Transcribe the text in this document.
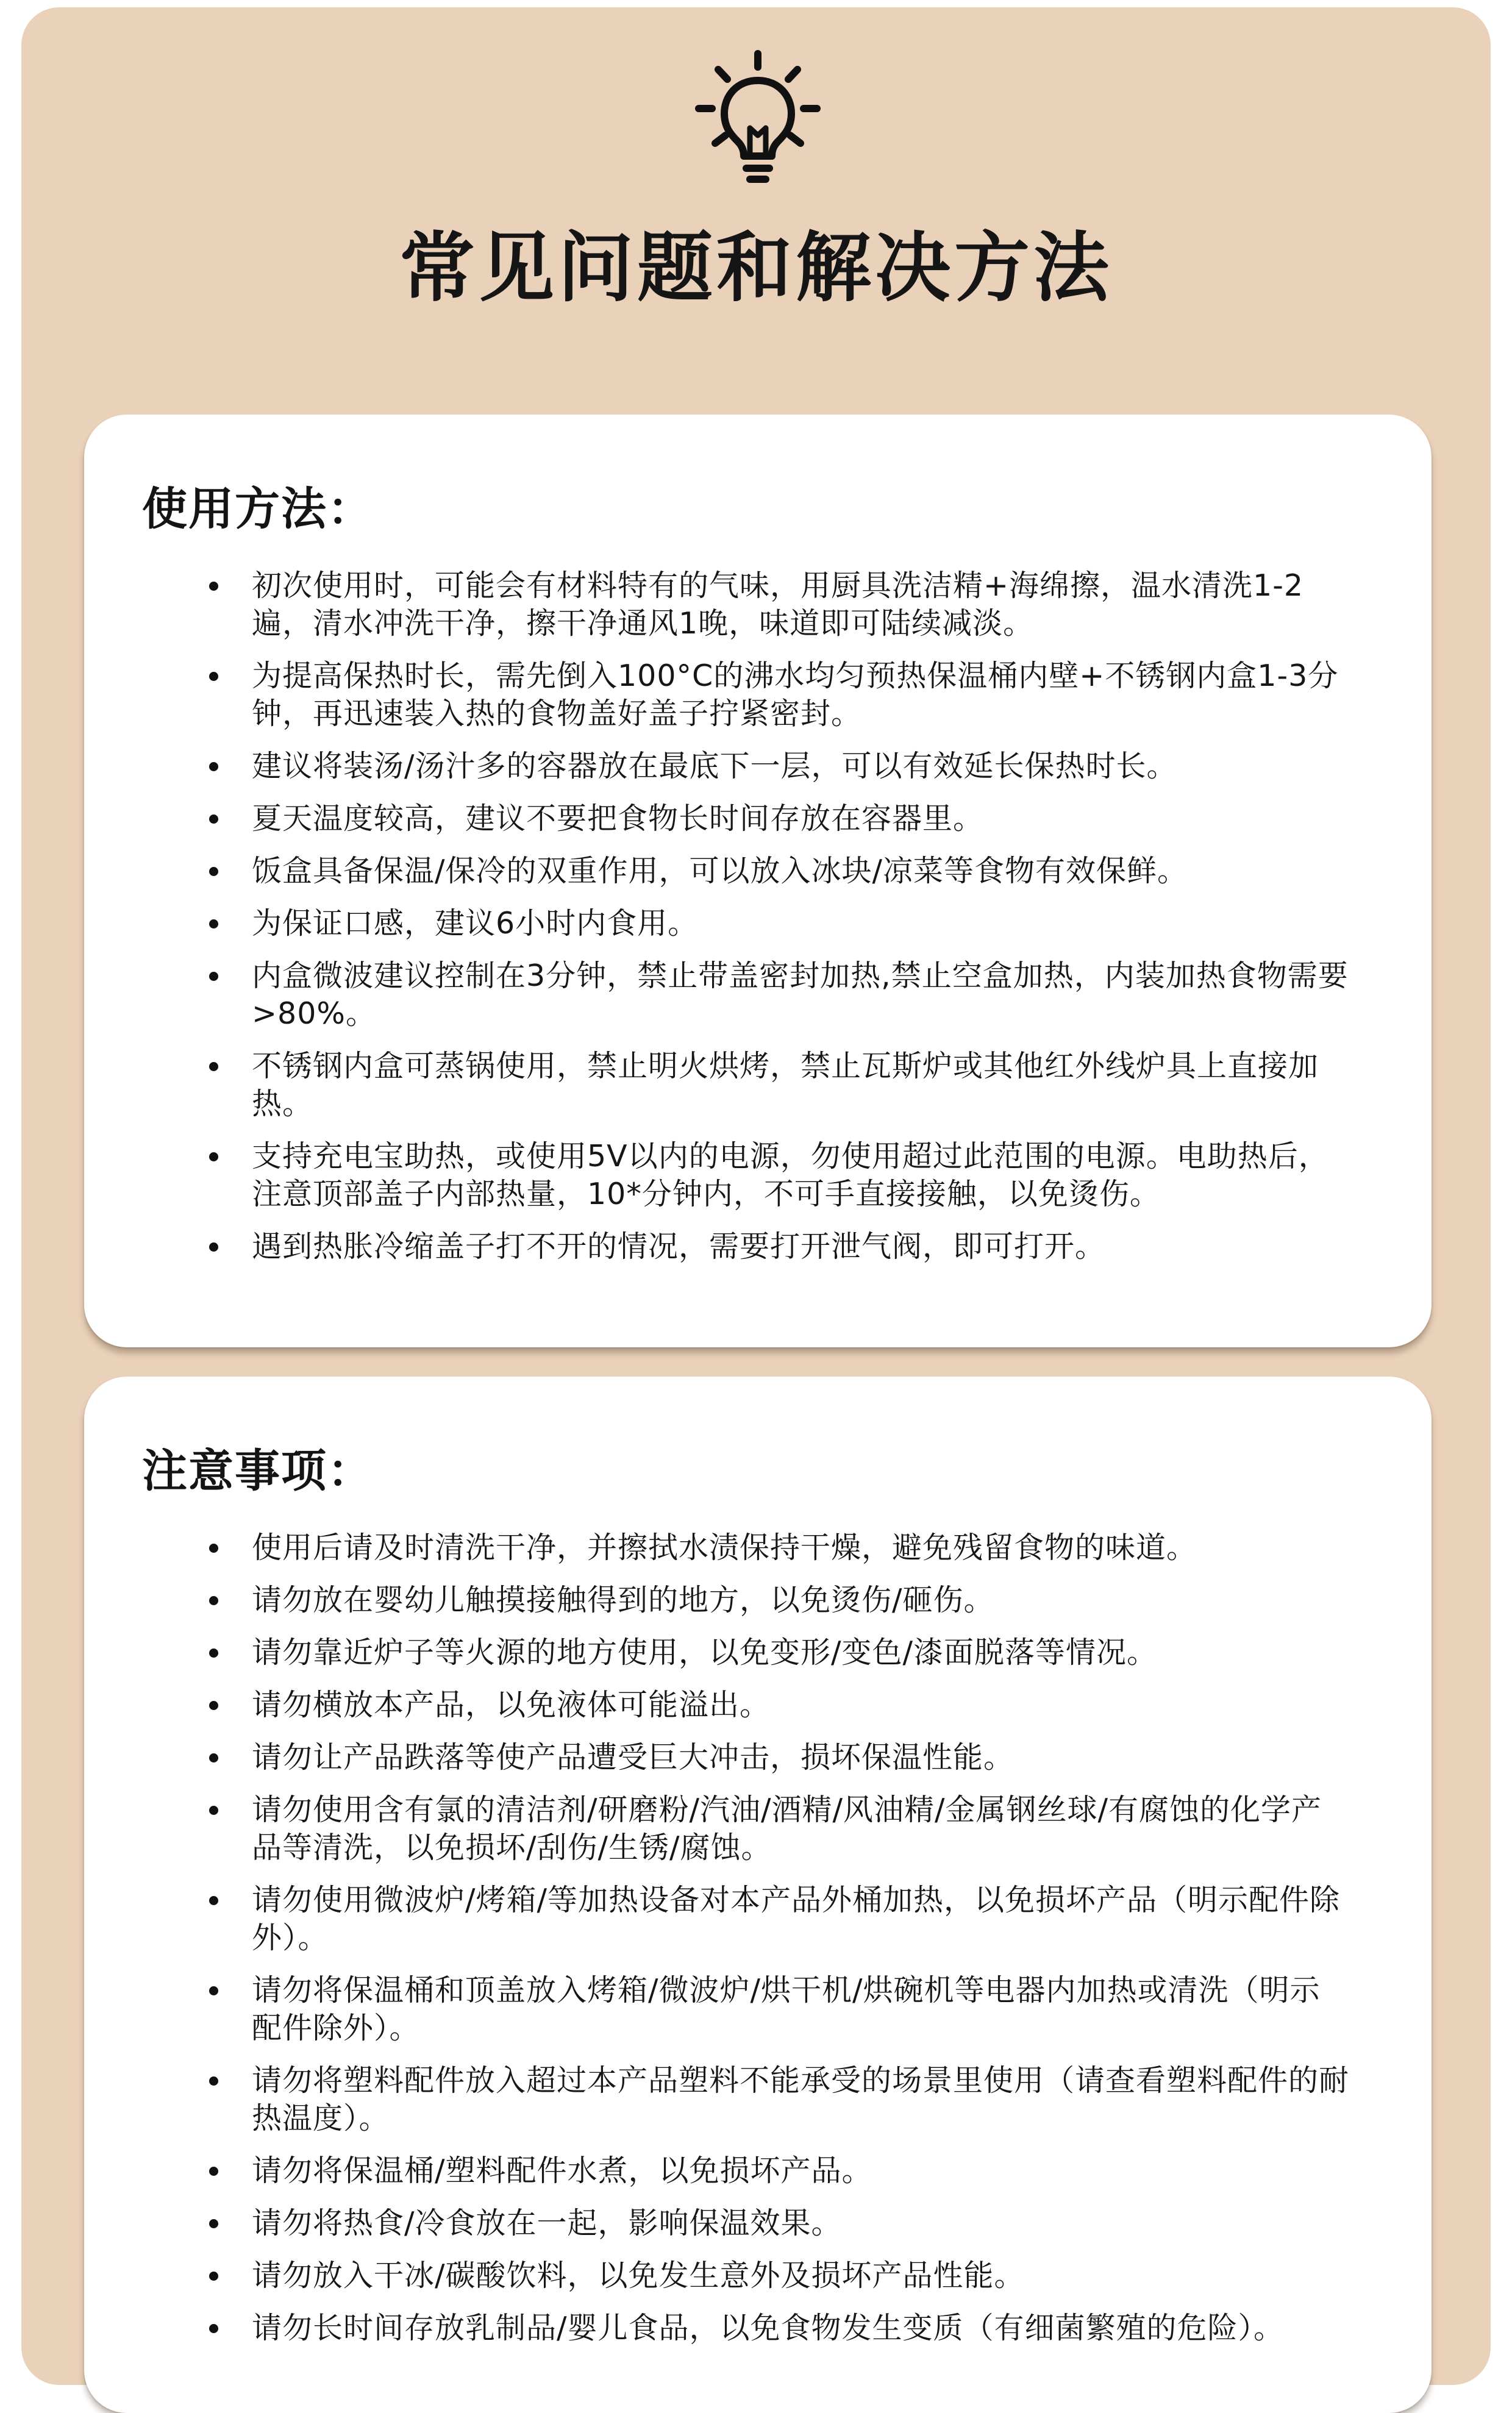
常见问题和解决方法
使用方法：
初次使用时，可能会有材料特有的气味，用厨具洗洁精+海绵擦，温水清洗1-2遍，清水冲洗干净，擦干净通风1晚，味道即可陆续减淡。
为提高保热时长，需先倒入100°C的沸水均匀预热保温桶内壁+不锈钢内盒1-3分钟，再迅速装入热的食物盖好盖子拧紧密封。
建议将装汤/汤汁多的容器放在最底下一层，可以有效延长保热时长。
夏天温度较高，建议不要把食物长时间存放在容器里。
饭盒具备保温/保冷的双重作用，可以放入冰块/凉菜等食物有效保鲜。
为保证口感，建议6小时内食用。
内盒微波建议控制在3分钟，禁止带盖密封加热,禁止空盒加热，内装加热食物需要>80%。
不锈钢内盒可蒸锅使用，禁止明火烘烤，禁止瓦斯炉或其他红外线炉具上直接加热。
支持充电宝助热，或使用5V以内的电源，勿使用超过此范围的电源。电助热后，注意顶部盖子内部热量，10*分钟内，不可手直接接触，以免烫伤。
遇到热胀冷缩盖子打不开的情况，需要打开泄气阀，即可打开。
注意事项：
使用后请及时清洗干净，并擦拭水渍保持干燥，避免残留食物的味道。
请勿放在婴幼儿触摸接触得到的地方，以免烫伤/砸伤。
请勿靠近炉子等火源的地方使用，以免变形/变色/漆面脱落等情况。
请勿横放本产品，以免液体可能溢出。
请勿让产品跌落等使产品遭受巨大冲击，损坏保温性能。
请勿使用含有氯的清洁剂/研磨粉/汽油/酒精/风油精/金属钢丝球/有腐蚀的化学产品等清洗，以免损坏/刮伤/生锈/腐蚀。
请勿使用微波炉/烤箱/等加热设备对本产品外桶加热，以免损坏产品（明示配件除外）。
请勿将保温桶和顶盖放入烤箱/微波炉/烘干机/烘碗机等电器内加热或清洗（明示配件除外）。
请勿将塑料配件放入超过本产品塑料不能承受的场景里使用（请查看塑料配件的耐热温度）。
请勿将保温桶/塑料配件水煮，以免损坏产品。
请勿将热食/冷食放在一起，影响保温效果。
请勿放入干冰/碳酸饮料，以免发生意外及损坏产品性能。
请勿长时间存放乳制品/婴儿食品，以免食物发生变质（有细菌繁殖的危险）。
